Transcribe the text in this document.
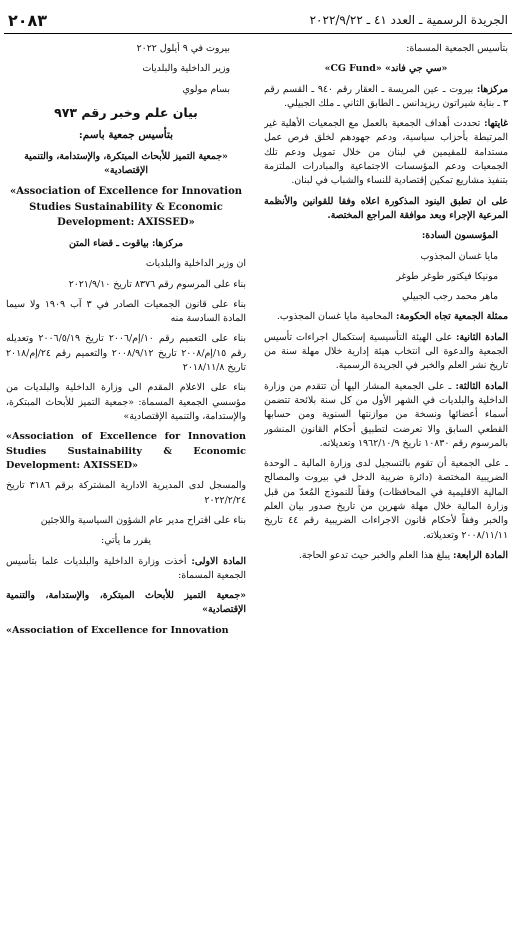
الجريدة الرسمية ـ العدد ٤١ ـ ٢٠٢٢/٩/٢٢
٢٠٨٣

بتأسيس الجمعية المسماة:

«سي جي فاند» «CG Fund»

مركزها: بيروت ـ عين المريسة ـ العقار رقم ٩٤٠ ـ القسم رقم ٣ ـ بناية شيراتون ريزيدانس ـ الطابق الثاني ـ ملك الجبيلي.

غايتها: تحددت أهداف الجمعية بالعمل مع الجمعيات الأهلية غير المرتبطة بأحزاب سياسية، ودعم جهودهم لخلق فرص عمل مستدامة للمقيمين في لبنان من خلال تمويل ودعم تلك الجمعيات ودعم المؤسسات الاجتماعية والمبادرات الملتزمة بتنفيذ مشاريع تمكين إقتصادية للنساء والشباب في لبنان.

على ان تطبق البنود المذكورة اعلاه وفقا للقوانين والأنظمة المرعية الإجراء وبعد موافقة المراجع المختصة.

المؤسسون السادة:

مايا غسان المجذوب

مونيكا فيكتور طوغر طوغر

ماهر محمد رجب الجبيلي

ممثلة الجمعية تجاه الحكومة: المحامية مايا غسان المجذوب.

المادة الثانية: على الهيئة التأسيسية إستكمال اجراءات تأسيس الجمعية والدعوة الى انتخاب هيئة إدارية خلال مهلة سنة من تاريخ نشر العلم والخبر في الجريدة الرسمية.

المادة الثالثة: ـ على الجمعية المشار اليها أن تتقدم من وزارة الداخلية والبلديات في الشهر الأول من كل سنة بلائحة تتضمن أسماء أعضائها ونسخة من موازنتها السنوية ومن حسابها القطعي السابق والا تعرضت لتطبيق أحكام القانون المنشور بالمرسوم رقم ١٠٨٣٠ تاريخ ١٩٦٢/١٠/٩ وتعديلاته.

ـ على الجمعية أن تقوم بالتسجيل لدى وزارة المالية ـ الوحدة الضريبية المختصة (دائرة ضريبة الدخل في بيروت والمصالح المالية الاقليمية في المحافظات) وفقاً للنموذج المُعدّ من قبل وزارة المالية خلال مهلة شهرين من تاريخ صدور بيان العلم والخبر وفقاً لأحكام قانون الاجراءات الضريبية رقم ٤٤ تاريخ ٢٠٠٨/١١/١١ وتعديلاته.

المادة الرابعة: يبلغ هذا العلم والخبر حيث تدعو الحاجة.

بيروت في ٩ أيلول ٢٠٢٢

وزير الداخلية والبلديات

بسام مولوي

بيان علم وخبر رقم ٩٧٣

بتأسيس جمعية باسم:

«جمعية التميز للأبحاث المبتكرة، والإستدامة، والتنمية الإقتصادية»

«Association of Excellence for Innovation Studies Sustainability & Economic Development: AXISSED»

مركزها: بياقوت ـ قضاء المتن

ان وزير الداخلية والبلديات

بناء على المرسوم رقم ٨٣٧٦ تاريخ ٢٠٢١/٩/١٠

بناء على قانون الجمعيات الصادر في ٣ آب ١٩٠٩ ولا سيما المادة السادسة منه

بناء على التعميم رقم ١٠/إم/٢٠٠٦ تاريخ ٢٠٠٦/٥/١٩ وتعديله رقم ١٥/إم/٢٠٠٨ تاريخ ٢٠٠٨/٩/١٢ والتعميم رقم ٢٤/إم/٢٠١٨ تاريخ ٢٠١٨/١١/٨

بناء على الاعلام المقدم الى وزارة الداخلية والبلديات من مؤسسي الجمعية المسماة: «جمعية التميز للأبحاث المبتكرة، والإستدامة، والتنمية الإقتصادية»

«Association of Excellence for Innovation Studies Sustainability & Economic Development: AXISSED»

والمسجل لدى المديرية الادارية المشتركة برقم ٣١٨٦ تاريخ ٢٠٢٢/٢/٢٤

بناء على اقتراح مدير عام الشؤون السياسية واللاجئين

يقرر ما يأتي:

المادة الاولى: أخذت وزارة الداخلية والبلديات علما بتأسيس الجمعية المسماة:

«جمعية التميز للأبحاث المبتكرة، والإستدامة، والتنمية الإقتصادية»

«Association of Excellence for Innovation
